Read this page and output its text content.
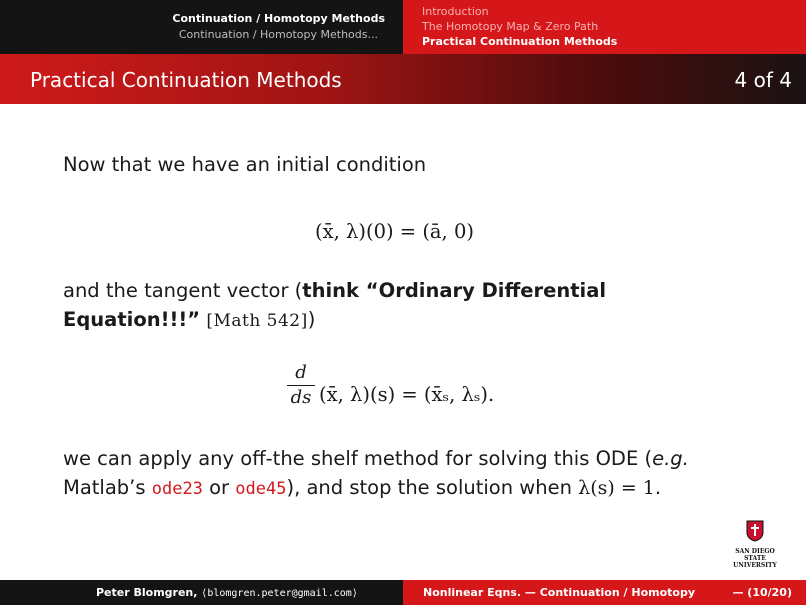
Continuation / Homotopy Methods
Continuation / Homotopy Methods...
Introduction
The Homotopy Map & Zero Path
Practical Continuation Methods
Practical Continuation Methods	4 of 4
Now that we have an initial condition
(x̄, λ)(0) = (ā, 0)
and the tangent vector (think “Ordinary Differential Equation!!!” [Math 542])
d
ds (x̄, λ)(s) = (x̄ₛ, λₛ).
we can apply any off-the shelf method for solving this ODE (e.g.
Matlab’s ode23 or ode45), and stop the solution when λ(s) = 1.
SAN DIEGO STATE
UNIVERSITY
Peter Blomgren, ⟨blomgren.peter@gmail.com⟩	Nonlinear Eqns. — Continuation / Homotopy	— (10/20)
